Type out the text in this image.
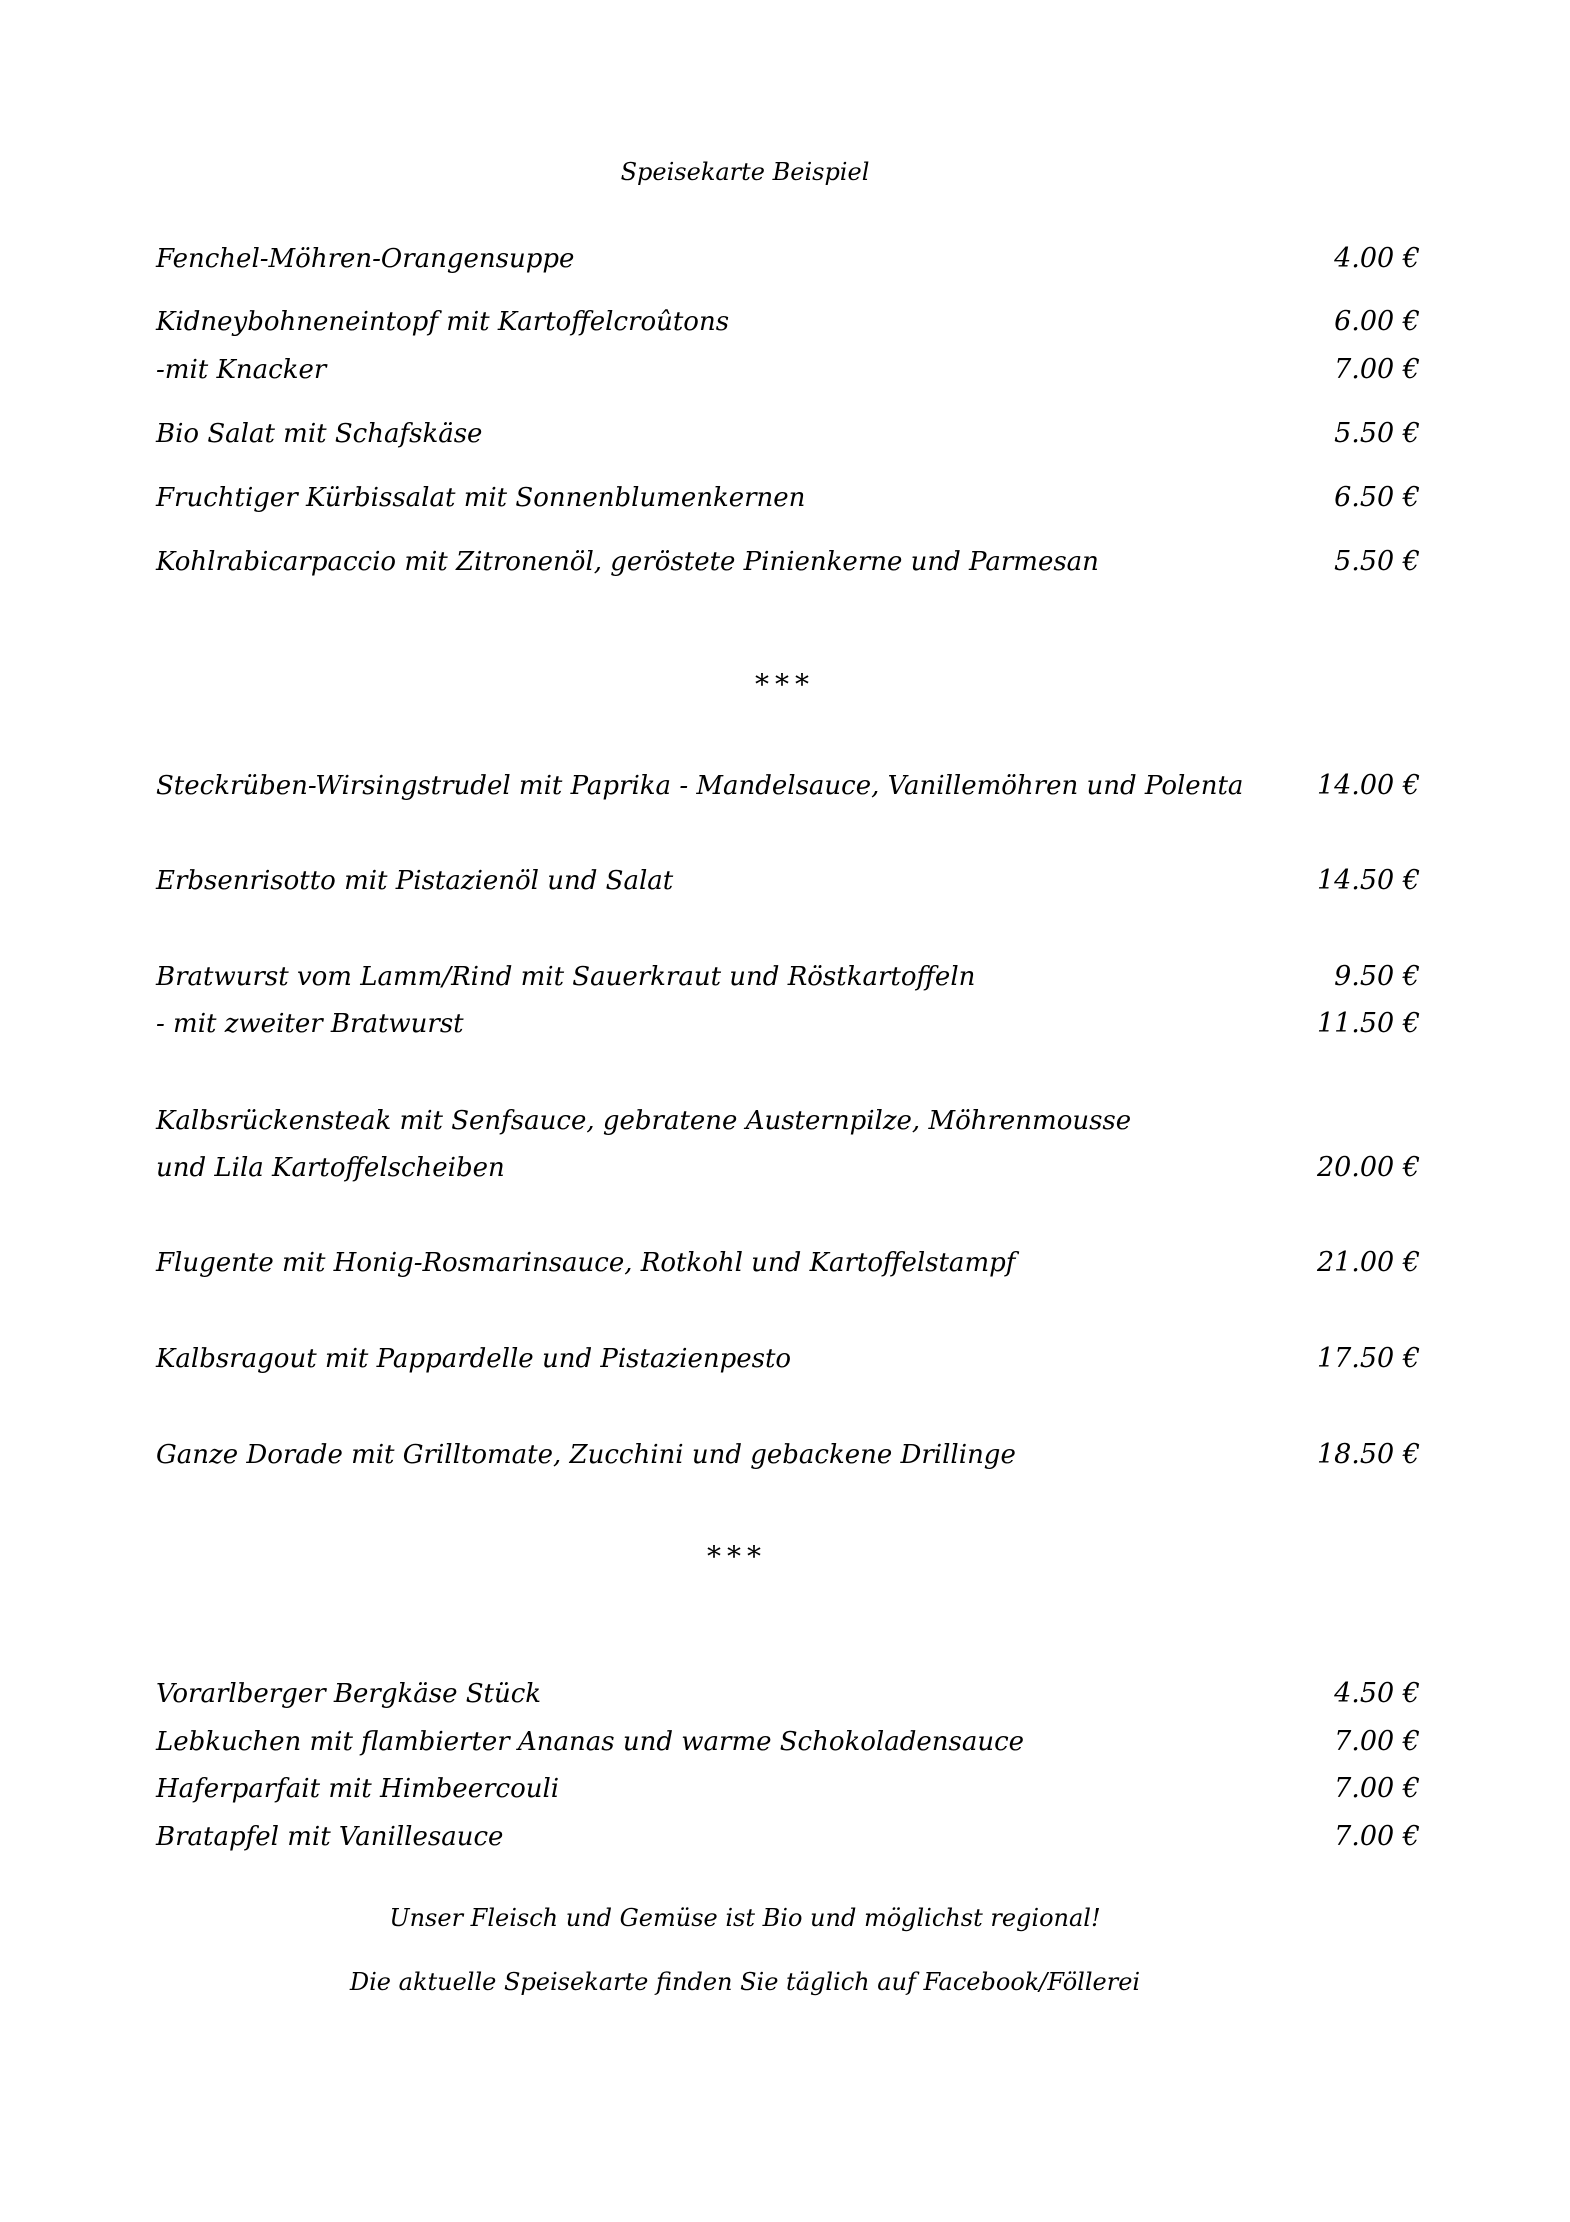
Speisekarte Beispiel
Fenchel-Möhren-Orangensuppe	4.00 €
Kidneybohneneintopf mit Kartoffelcroûtons	6.00 €
-mit Knacker	7.00 €
Bio Salat mit Schafskäse	5.50 €
Fruchtiger Kürbissalat mit Sonnenblumenkernen	6.50 €
Kohlrabicarpaccio mit Zitronenöl, geröstete Pinienkerne und Parmesan	5.50 €
***
Steckrüben-Wirsingstrudel mit Paprika - Mandelsauce, Vanillemöhren und Polenta	14.00 €
Erbsenrisotto mit Pistazienöl und Salat	14.50 €
Bratwurst vom Lamm/Rind mit Sauerkraut und Röstkartoffeln	9.50 €
- mit zweiter Bratwurst	11.50 €
Kalbsrückensteak mit Senfsauce, gebratene Austernpilze, Möhrenmousse
und Lila Kartoffelscheiben	20.00 €
Flugente mit Honig-Rosmarinsauce, Rotkohl und Kartoffelstampf	21.00 €
Kalbsragout mit Pappardelle und Pistazienpesto	17.50 €
Ganze Dorade mit Grilltomate, Zucchini und gebackene Drillinge	18.50 €
***
Vorarlberger Bergkäse Stück	4.50 €
Lebkuchen mit flambierter Ananas und warme Schokoladensauce	7.00 €
Haferparfait mit Himbeercouli	7.00 €
Bratapfel mit Vanillesauce	7.00 €
Unser Fleisch und Gemüse ist Bio und möglichst regional!
Die aktuelle Speisekarte finden Sie täglich auf Facebook/Föllerei
